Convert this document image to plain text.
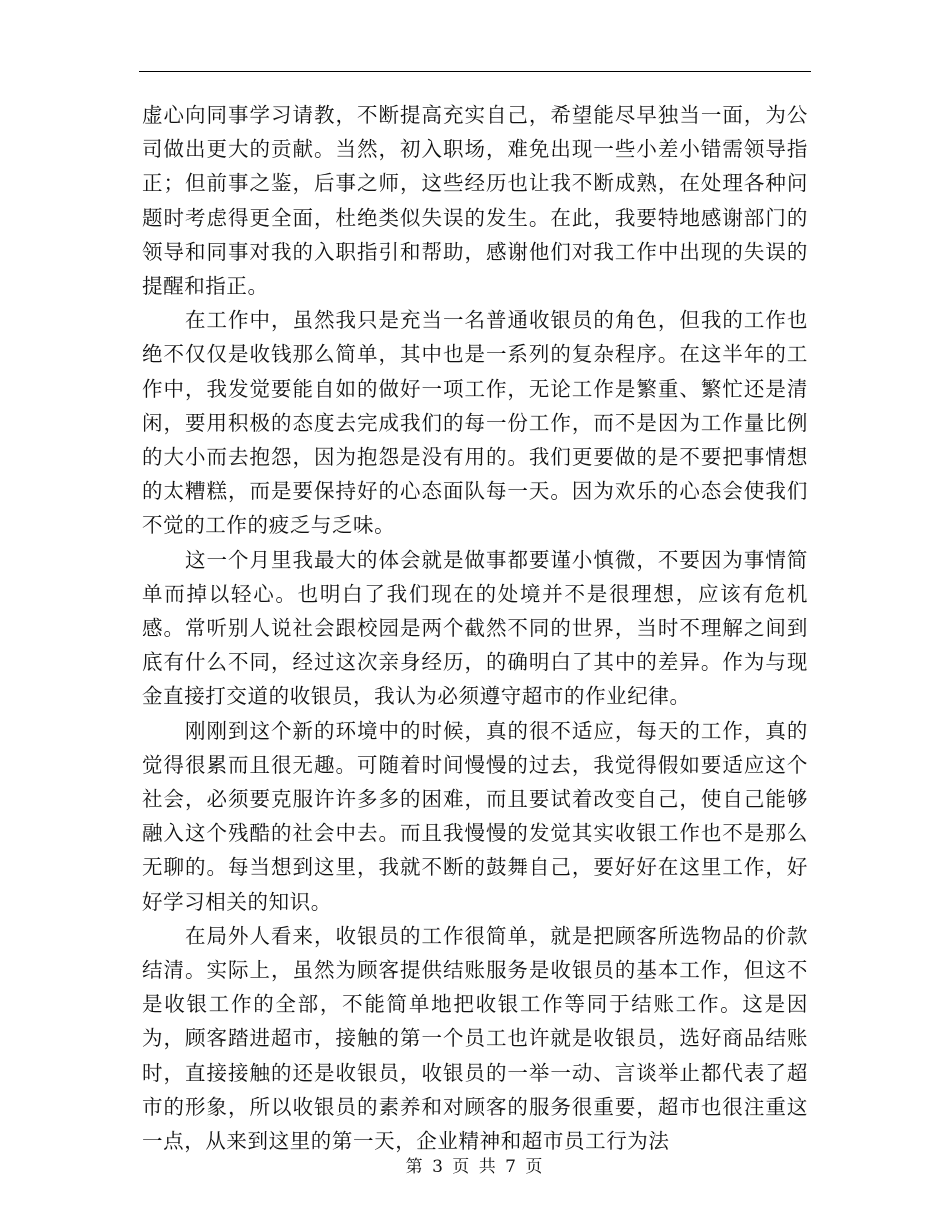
虚心向同事学习请教，不断提高充实自己，希望能尽早独当一面，为公司做出更大的贡献。当然，初入职场，难免出现一些小差小错需领导指正；但前事之鉴，后事之师，这些经历也让我不断成熟，在处理各种问题时考虑得更全面，杜绝类似失误的发生。在此，我要特地感谢部门的领导和同事对我的入职指引和帮助，感谢他们对我工作中出现的失误的提醒和指正。

在工作中，虽然我只是充当一名普通收银员的角色，但我的工作也绝不仅仅是收钱那么简单，其中也是一系列的复杂程序。在这半年的工作中，我发觉要能自如的做好一项工作，无论工作是繁重、繁忙还是清闲，要用积极的态度去完成我们的每一份工作，而不是因为工作量比例的大小而去抱怨，因为抱怨是没有用的。我们更要做的是不要把事情想的太糟糕，而是要保持好的心态面队每一天。因为欢乐的心态会使我们不觉的工作的疲乏与乏味。

这一个月里我最大的体会就是做事都要谨小慎微，不要因为事情简单而掉以轻心。也明白了我们现在的处境并不是很理想，应该有危机感。常听别人说社会跟校园是两个截然不同的世界，当时不理解之间到底有什么不同，经过这次亲身经历，的确明白了其中的差异。作为与现金直接打交道的收银员，我认为必须遵守超市的作业纪律。

刚刚到这个新的环境中的时候，真的很不适应，每天的工作，真的觉得很累而且很无趣。可随着时间慢慢的过去，我觉得假如要适应这个社会，必须要克服许许多多的困难，而且要试着改变自己，使自己能够融入这个残酷的社会中去。而且我慢慢的发觉其实收银工作也不是那么无聊的。每当想到这里，我就不断的鼓舞自己，要好好在这里工作，好好学习相关的知识。

在局外人看来，收银员的工作很简单，就是把顾客所选物品的价款结清。实际上，虽然为顾客提供结账服务是收银员的基本工作，但这不是收银工作的全部，不能简单地把收银工作等同于结账工作。这是因为，顾客踏进超市，接触的第一个员工也许就是收银员，选好商品结账时，直接接触的还是收银员，收银员的一举一动、言谈举止都代表了超市的形象，所以收银员的素养和对顾客的服务很重要，超市也很注重这一点，从来到这里的第一天，企业精神和超市员工行为法

第 3 页 共 7 页
